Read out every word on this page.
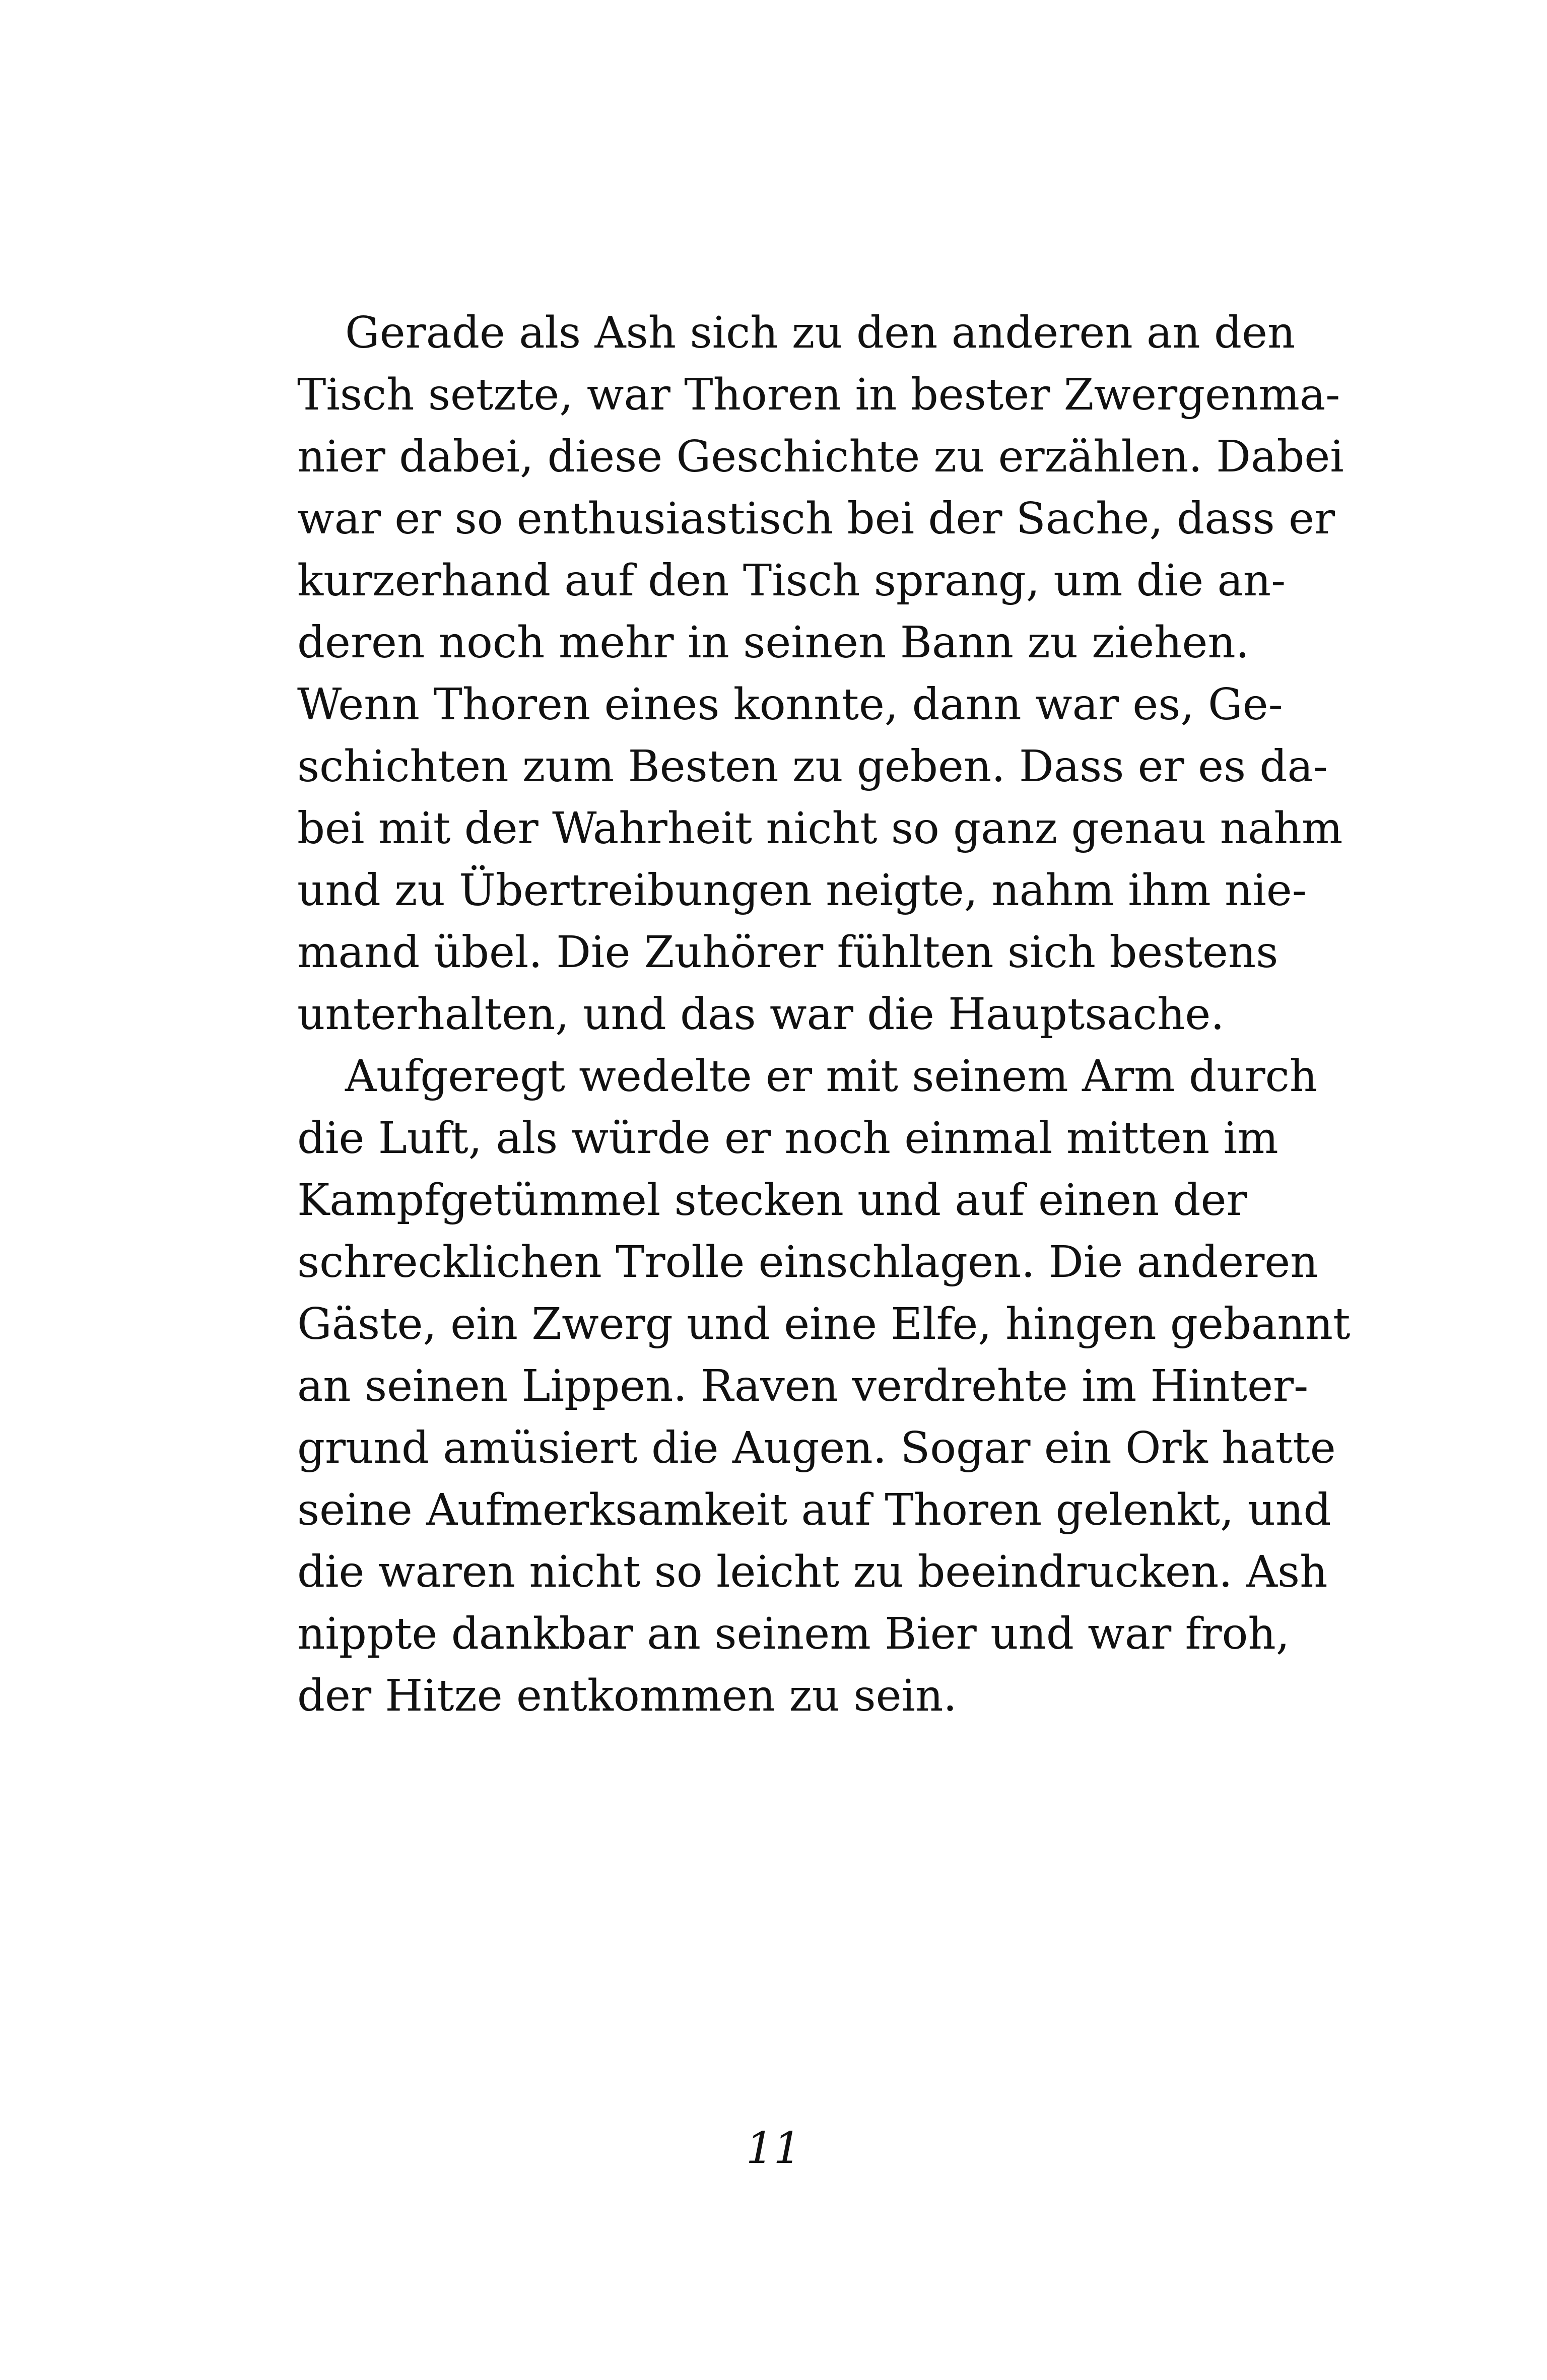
Gerade als Ash sich zu den anderen an den
Tisch setzte, war Thoren in bester Zwergenma-
nier dabei, diese Geschichte zu erzählen. Dabei
war er so enthusiastisch bei der Sache, dass er
kurzerhand auf den Tisch sprang, um die an-
deren noch mehr in seinen Bann zu ziehen.
Wenn Thoren eines konnte, dann war es, Ge-
schichten zum Besten zu geben. Dass er es da-
bei mit der Wahrheit nicht so ganz genau nahm
und zu Übertreibungen neigte, nahm ihm nie-
mand übel. Die Zuhörer fühlten sich bestens
unterhalten, und das war die Hauptsache.
Aufgeregt wedelte er mit seinem Arm durch
die Luft, als würde er noch einmal mitten im
Kampfgetümmel stecken und auf einen der
schrecklichen Trolle einschlagen. Die anderen
Gäste, ein Zwerg und eine Elfe, hingen gebannt
an seinen Lippen. Raven verdrehte im Hinter-
grund amüsiert die Augen. Sogar ein Ork hatte
seine Aufmerksamkeit auf Thoren gelenkt, und
die waren nicht so leicht zu beeindrucken. Ash
nippte dankbar an seinem Bier und war froh,
der Hitze entkommen zu sein.
11
